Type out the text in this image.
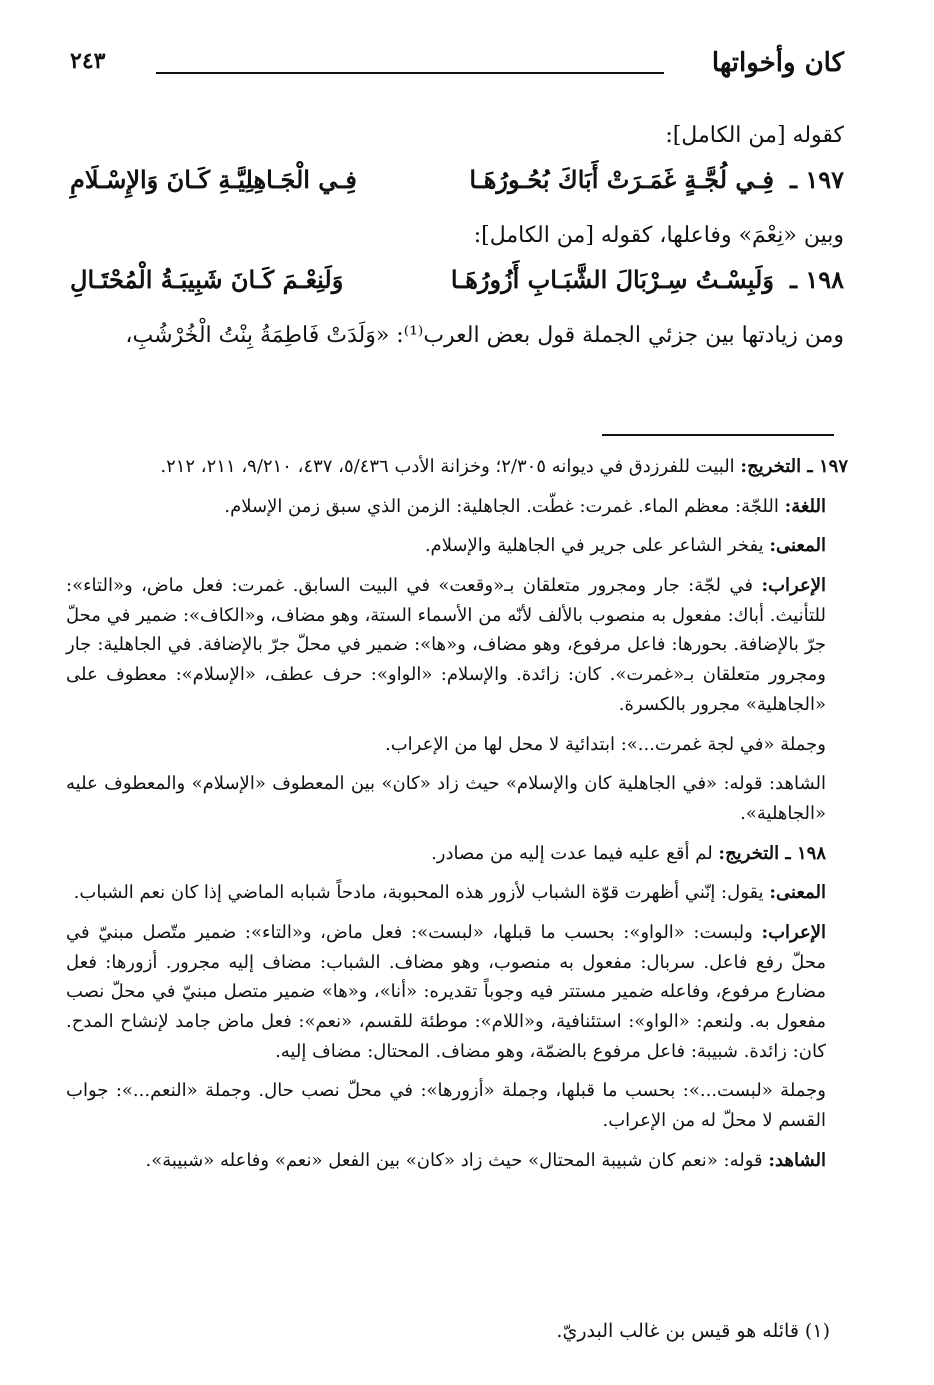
كان وأخواتها
٢٤٣

كقوله [من الكامل]:

١٩٧ ـ
فِـي لُجَّـةٍ غَمَـرَتْ أَبَاكَ بُحُـورُهَـا
فِـي الْجَـاهِلِيَّـةِ كَـانَ وَالإِسْـلَامِ

وبين «نِعْمَ» وفاعلها، كقوله [من الكامل]:

١٩٨ ـ
وَلَبِسْـتُ سِـرْبَالَ الشَّبَـابِ أَزُورُهَـا
وَلَنِعْـمَ كَـانَ شَبِيبَـةُ الْمُحْتَـالِ

ومن زيادتها بين جزئي الجملة قول بعض العرب⁽¹⁾: «وَلَدَتْ فَاطِمَةُ بِنْتُ الْخُرْشُبِ،

١٩٧ ـ التخريج: البيت للفرزدق في ديوانه ٢/٣٠٥؛ وخزانة الأدب ٥/٤٣٦، ٤٣٧، ٩/٢١٠، ٢١١، ٢١٢.

اللغة: اللجّة: معظم الماء. غمرت: غطّت. الجاهلية: الزمن الذي سبق زمن الإسلام.

المعنى: يفخر الشاعر على جرير في الجاهلية والإسلام.

الإعراب: في لجّة: جار ومجرور متعلقان بـ«وقعت» في البيت السابق. غمرت: فعل ماض، و«التاء»: للتأنيث. أباك: مفعول به منصوب بالألف لأنّه من الأسماء الستة، وهو مضاف، و«الكاف»: ضمير في محلّ جرّ بالإضافة. بحورها: فاعل مرفوع، وهو مضاف، و«ها»: ضمير في محلّ جرّ بالإضافة. في الجاهلية: جار ومجرور متعلقان بـ«غمرت». كان: زائدة. والإسلام: «الواو»: حرف عطف، «الإسلام»: معطوف على «الجاهلية» مجرور بالكسرة.

وجملة «في لجة غمرت...»: ابتدائية لا محل لها من الإعراب.

الشاهد: قوله: «في الجاهلية كان والإسلام» حيث زاد «كان» بين المعطوف «الإسلام» والمعطوف عليه «الجاهلية».

١٩٨ ـ التخريج: لم أقع عليه فيما عدت إليه من مصادر.

المعنى: يقول: إنّني أظهرت قوّة الشباب لأزور هذه المحبوبة، مادحاً شبابه الماضي إذا كان نعم الشباب.

الإعراب: ولبست: «الواو»: بحسب ما قبلها، «لبست»: فعل ماض، و«التاء»: ضمير متّصل مبنيّ في محلّ رفع فاعل. سربال: مفعول به منصوب، وهو مضاف. الشباب: مضاف إليه مجرور. أزورها: فعل مضارع مرفوع، وفاعله ضمير مستتر فيه وجوباً تقديره: «أنا»، و«ها» ضمير متصل مبنيّ في محلّ نصب مفعول به. ولنعم: «الواو»: استئنافية، و«اللام»: موطئة للقسم، «نعم»: فعل ماض جامد لإنشاح المدح. كان: زائدة. شبيبة: فاعل مرفوع بالضمّة، وهو مضاف. المحتال: مضاف إليه.

وجملة «لبست...»: بحسب ما قبلها، وجملة «أزورها»: في محلّ نصب حال. وجملة «النعم...»: جواب القسم لا محلّ له من الإعراب.

الشاهد: قوله: «نعم كان شبيبة المحتال» حيث زاد «كان» بين الفعل «نعم» وفاعله «شبيبة».

(١) قائله هو قيس بن غالب البدريّ.
